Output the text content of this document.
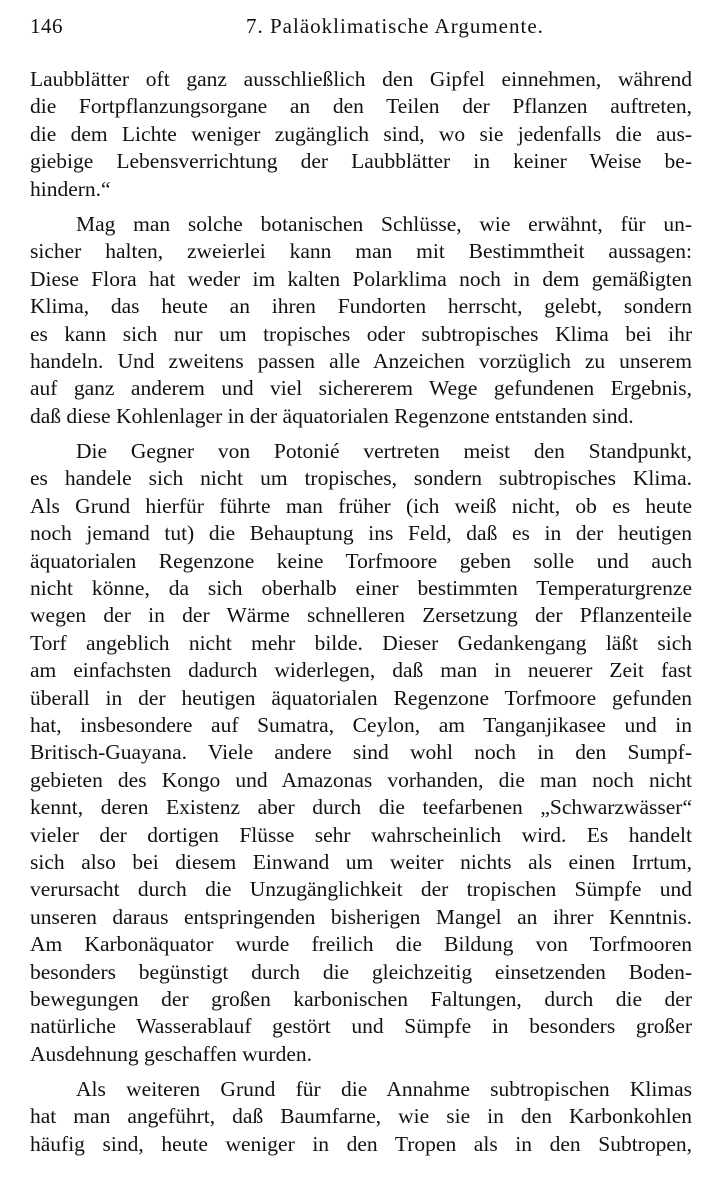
146	7. Paläoklimatische Argumente.
Laubblätter oft ganz ausschließlich den Gipfel einnehmen, während
die Fortpflanzungsorgane an den Teilen der Pflanzen auftreten,
die dem Lichte weniger zugänglich sind, wo sie jedenfalls die aus-
giebige Lebensverrichtung der Laubblätter in keiner Weise be-
hindern.“
Mag man solche botanischen Schlüsse, wie erwähnt, für un-
sicher halten, zweierlei kann man mit Bestimmtheit aussagen:
Diese Flora hat weder im kalten Polarklima noch in dem gemäßigten
Klima, das heute an ihren Fundorten herrscht, gelebt, sondern
es kann sich nur um tropisches oder subtropisches Klima bei ihr
handeln. Und zweitens passen alle Anzeichen vorzüglich zu unserem
auf ganz anderem und viel sichererem Wege gefundenen Ergebnis,
daß diese Kohlenlager in der äquatorialen Regenzone entstanden sind.
Die Gegner von Potonié vertreten meist den Standpunkt,
es handele sich nicht um tropisches, sondern subtropisches Klima.
Als Grund hierfür führte man früher (ich weiß nicht, ob es heute
noch jemand tut) die Behauptung ins Feld, daß es in der heutigen
äquatorialen Regenzone keine Torfmoore geben solle und auch
nicht könne, da sich oberhalb einer bestimmten Temperaturgrenze
wegen der in der Wärme schnelleren Zersetzung der Pflanzenteile
Torf angeblich nicht mehr bilde. Dieser Gedankengang läßt sich
am einfachsten dadurch widerlegen, daß man in neuerer Zeit fast
überall in der heutigen äquatorialen Regenzone Torfmoore gefunden
hat, insbesondere auf Sumatra, Ceylon, am Tanganjikasee und in
Britisch-Guayana. Viele andere sind wohl noch in den Sumpf-
gebieten des Kongo und Amazonas vorhanden, die man noch nicht
kennt, deren Existenz aber durch die teefarbenen „Schwarzwässer“
vieler der dortigen Flüsse sehr wahrscheinlich wird. Es handelt
sich also bei diesem Einwand um weiter nichts als einen Irrtum,
verursacht durch die Unzugänglichkeit der tropischen Sümpfe und
unseren daraus entspringenden bisherigen Mangel an ihrer Kenntnis.
Am Karbonäquator wurde freilich die Bildung von Torfmooren
besonders begünstigt durch die gleichzeitig einsetzenden Boden-
bewegungen der großen karbonischen Faltungen, durch die der
natürliche Wasserablauf gestört und Sümpfe in besonders großer
Ausdehnung geschaffen wurden.
Als weiteren Grund für die Annahme subtropischen Klimas
hat man angeführt, daß Baumfarne, wie sie in den Karbonkohlen
häufig sind, heute weniger in den Tropen als in den Subtropen,
